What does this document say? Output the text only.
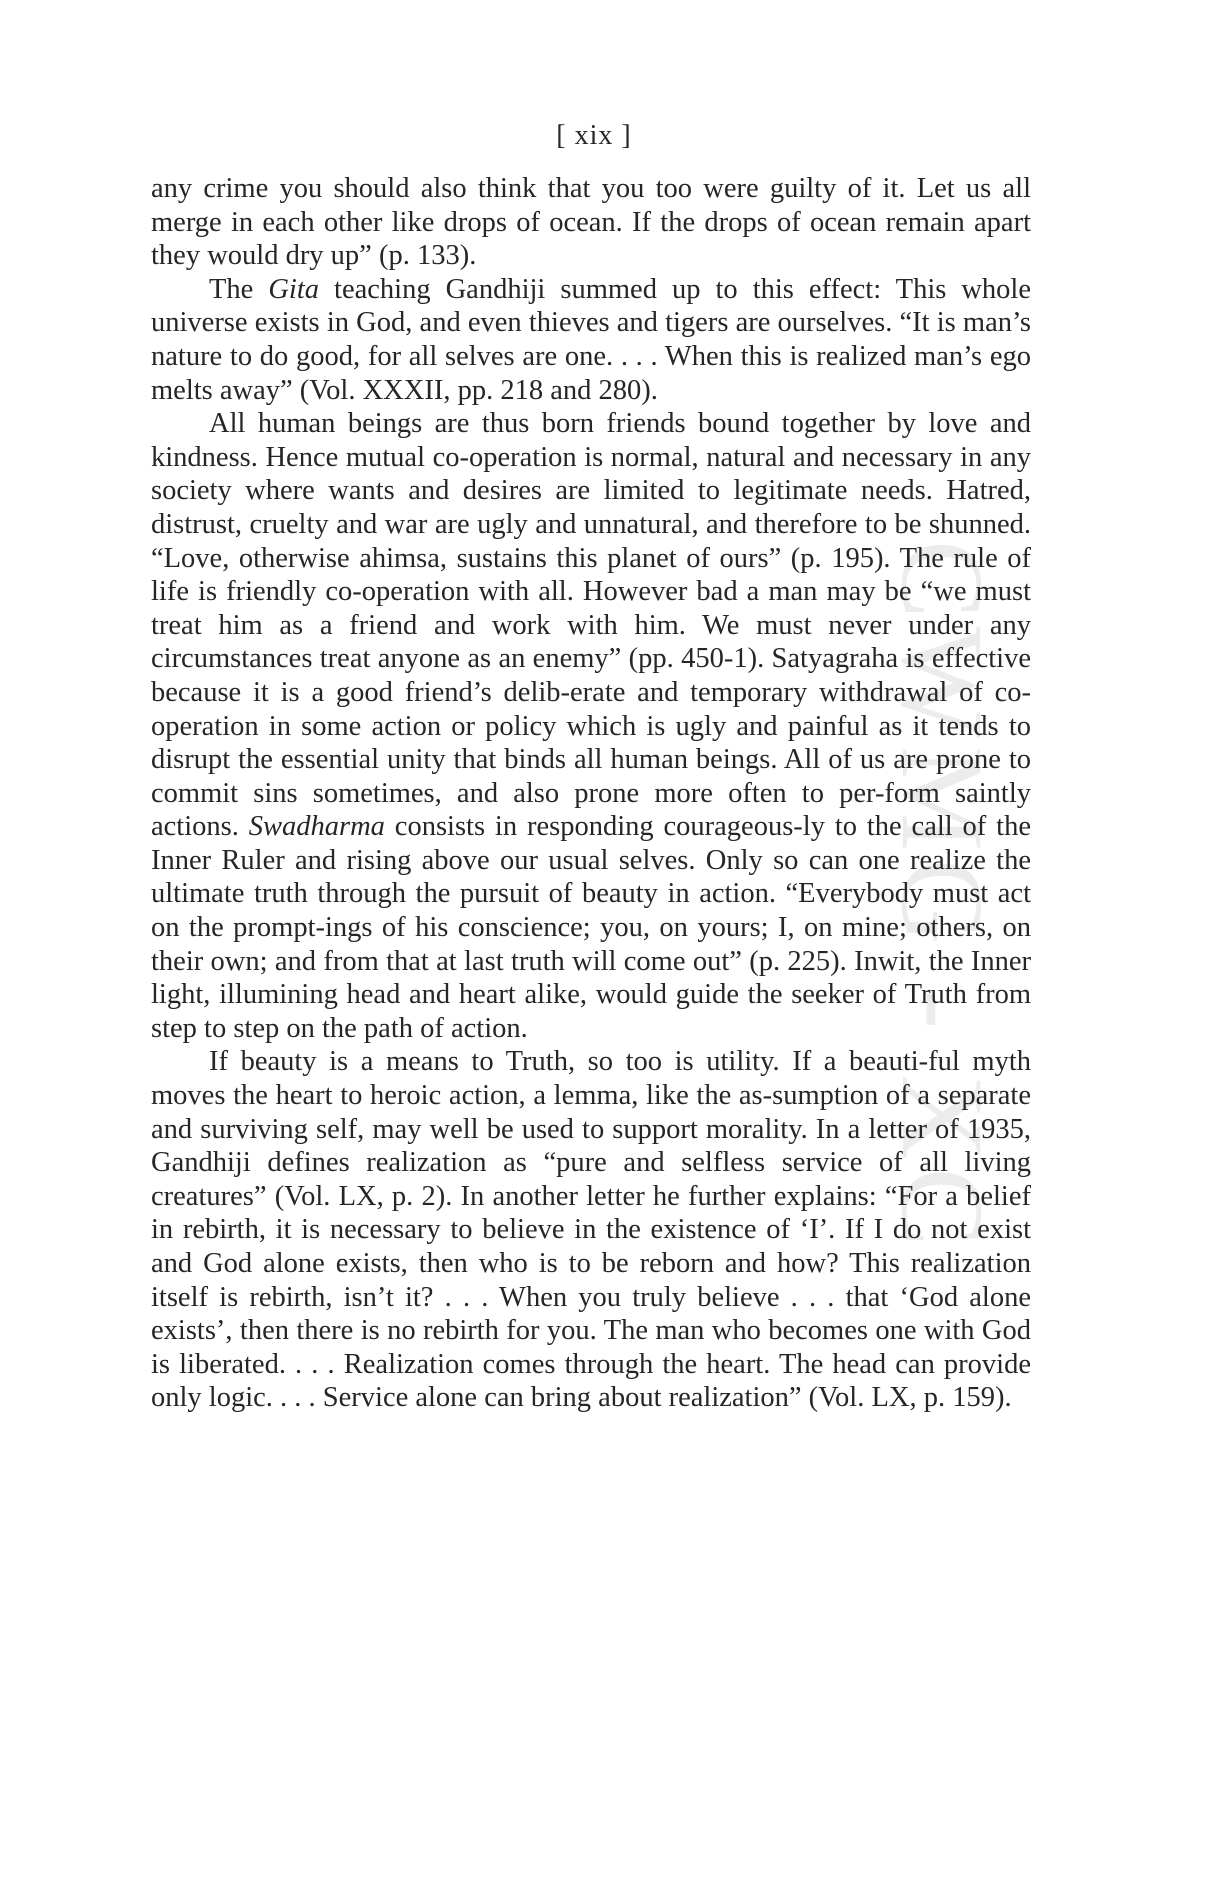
CWMG - XC
[ xix ]

any crime you should also think that you too were guilty of it. Let us all merge in each other like drops of ocean. If the drops of ocean remain apart they would dry up” (p. 133).

The Gita teaching Gandhiji summed up to this effect: This whole universe exists in God, and even thieves and tigers are ourselves. “It is man’s nature to do good, for all selves are one. . . . When this is realized man’s ego melts away” (Vol. XXXII, pp. 218 and 280).

All human beings are thus born friends bound together by love and kindness. Hence mutual co-operation is normal, natural and necessary in any society where wants and desires are limited to legitimate needs. Hatred, distrust, cruelty and war are ugly and unnatural, and therefore to be shunned. “Love, otherwise ahimsa, sustains this planet of ours” (p. 195). The rule of life is friendly co-operation with all. However bad a man may be “we must treat him as a friend and work with him. We must never under any circumstances treat anyone as an enemy” (pp. 450-1). Satyagraha is effective because it is a good friend’s delib-erate and temporary withdrawal of co-operation in some action or policy which is ugly and painful as it tends to disrupt the essential unity that binds all human beings. All of us are prone to commit sins sometimes, and also prone more often to per-form saintly actions. Swadharma consists in responding courageous-ly to the call of the Inner Ruler and rising above our usual selves. Only so can one realize the ultimate truth through the pursuit of beauty in action. “Everybody must act on the prompt-ings of his conscience; you, on yours; I, on mine; others, on their own; and from that at last truth will come out” (p. 225). Inwit, the Inner light, illumining head and heart alike, would guide the seeker of Truth from step to step on the path of action.

If beauty is a means to Truth, so too is utility. If a beauti-ful myth moves the heart to heroic action, a lemma, like the as-sumption of a separate and surviving self, may well be used to support morality. In a letter of 1935, Gandhiji defines realization as “pure and selfless service of all living creatures” (Vol. LX, p. 2). In another letter he further explains: “For a belief in rebirth, it is necessary to believe in the existence of ‘I’. If I do not exist and God alone exists, then who is to be reborn and how? This realization itself is rebirth, isn’t it? . . . When you truly believe . . . that ‘God alone exists’, then there is no rebirth for you. The man who becomes one with God is liberated. . . . Realization comes through the heart. The head can provide only logic. . . . Service alone can bring about realization” (Vol. LX, p. 159).
